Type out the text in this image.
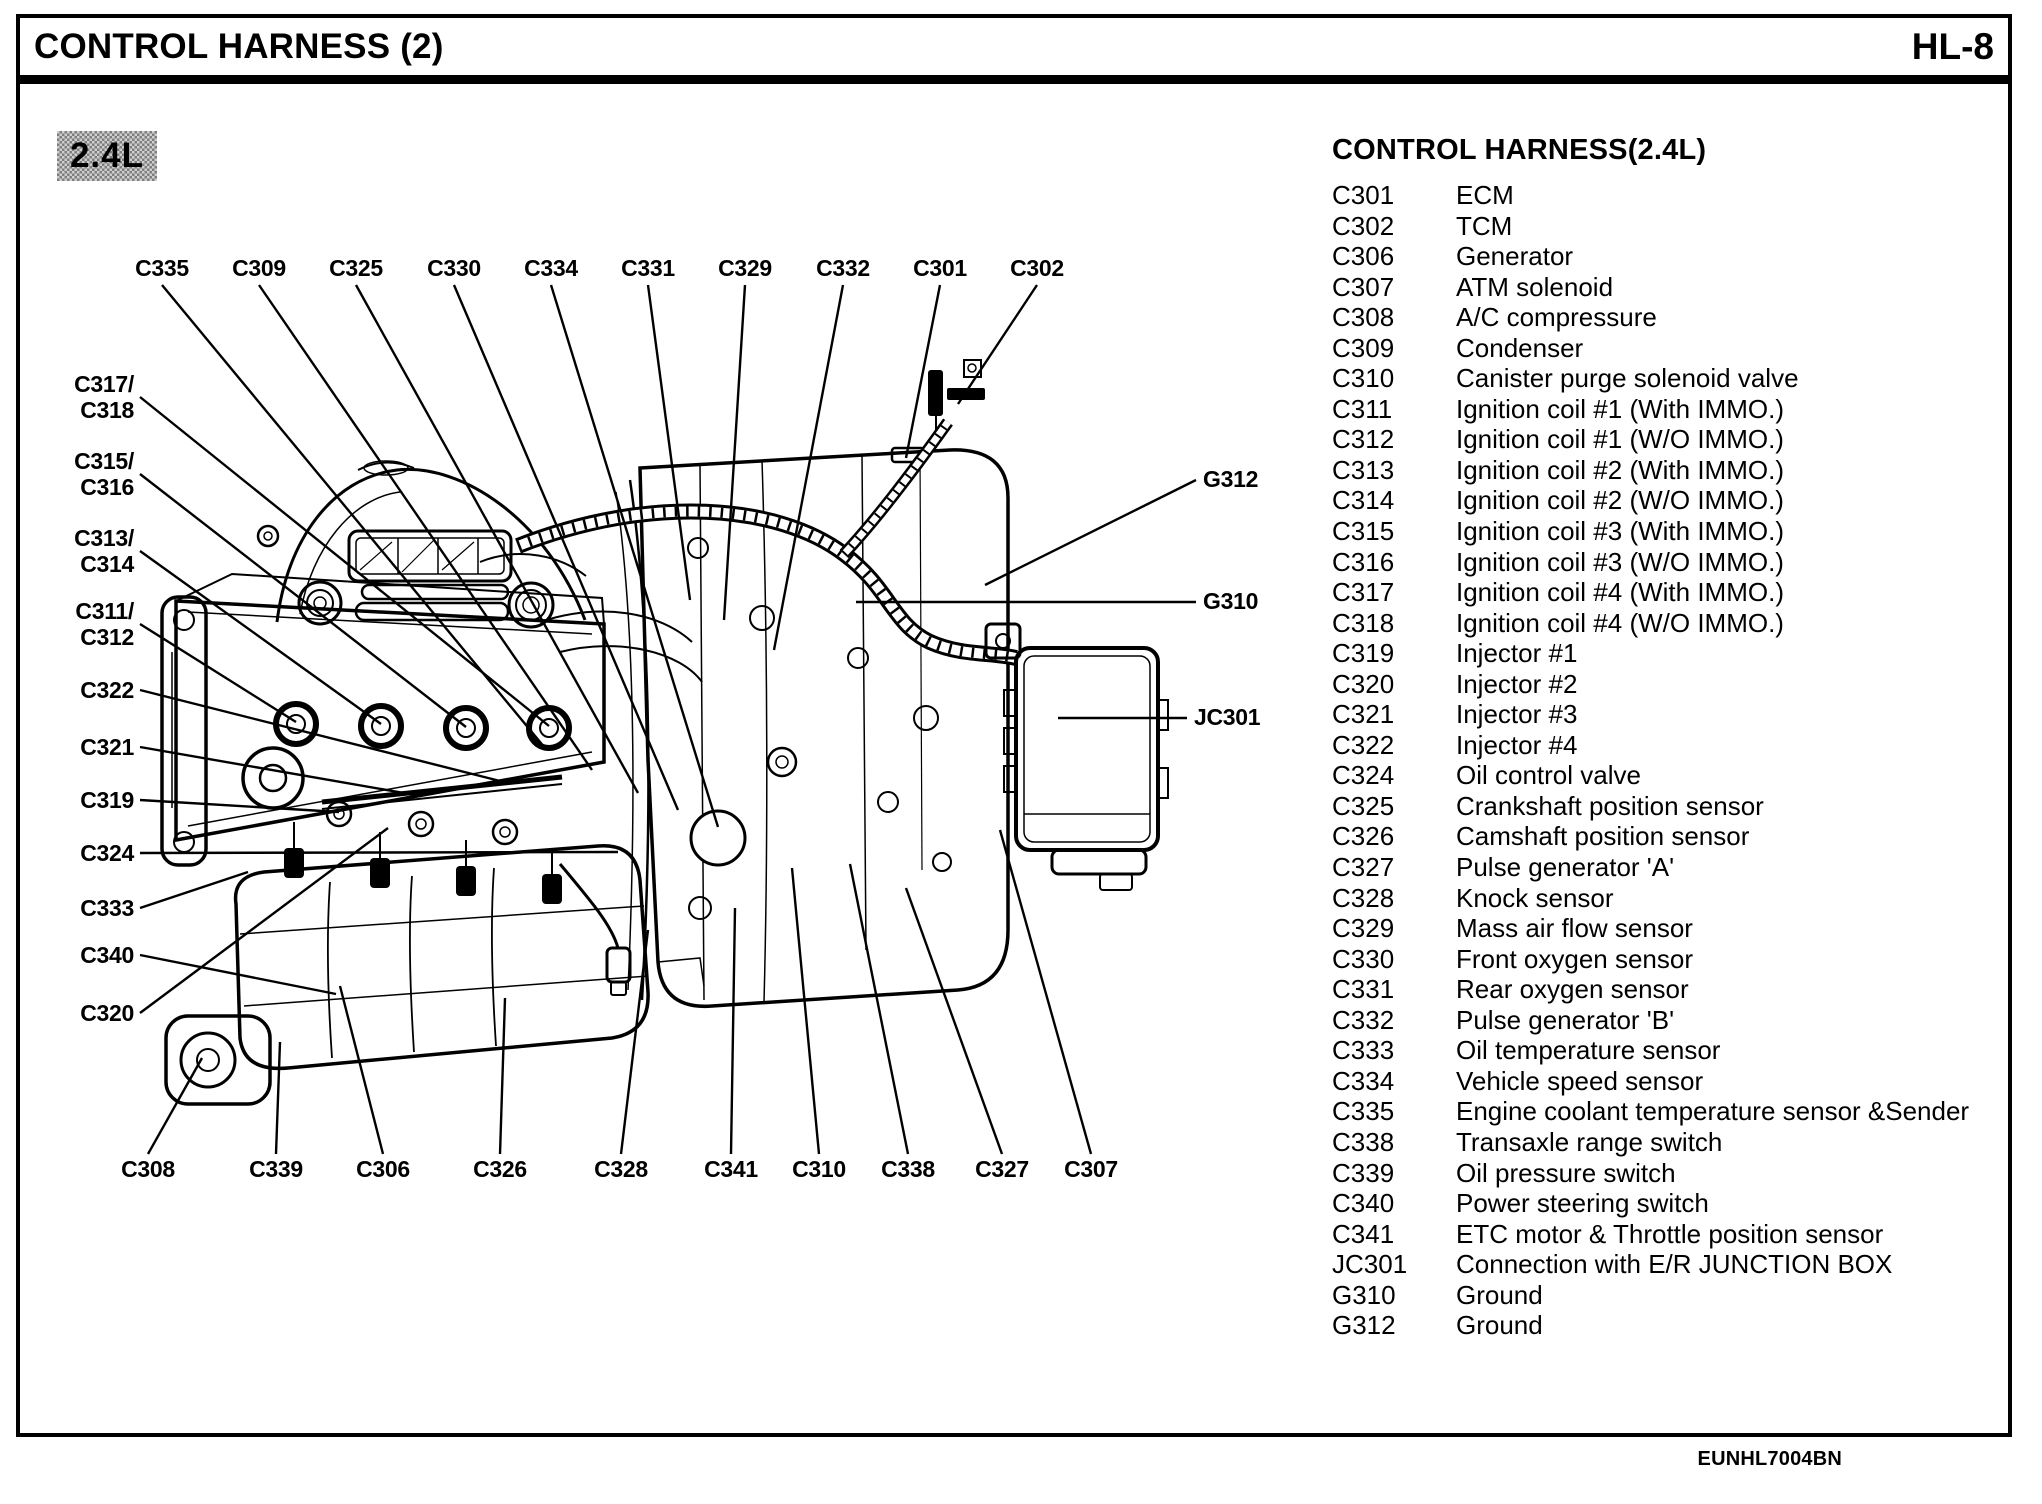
CONTROL HARNESS (2)	HL-8
2.4L
C335 C309 C325 C330 C334 C331 C329 C332 C301 C302
C317/
C318
C315/
C316
C313/
C314
C311/
C312
C322
C321
C319
C324
C333
C340
C320
C308	C339 C306	C326	C328 C341 C310 C338 C327 C307
G312
G310
JC301
CONTROL HARNESS(2.4L)
C301	ECM
C302	TCM
C306	Generator
C307	ATM solenoid
C308	A/C compressure
C309	Condenser
C310	Canister purge solenoid valve
C311	Ignition coil #1 (With IMMO.)
C312	Ignition coil #1 (W/O IMMO.)
C313	Ignition coil #2 (With IMMO.)
C314	Ignition coil #2 (W/O IMMO.)
C315	Ignition coil #3 (With IMMO.)
C316	Ignition coil #3 (W/O IMMO.)
C317	Ignition coil #4 (With IMMO.)
C318	Ignition coil #4 (W/O IMMO.)
C319	Injector #1
C320	Injector #2
C321	Injector #3
C322	Injector #4
C324	Oil control valve
C325	Crankshaft position sensor
C326	Camshaft position sensor
C327	Pulse generator 'A'
C328	Knock sensor
C329	Mass air flow sensor
C330	Front oxygen sensor
C331	Rear oxygen sensor
C332	Pulse generator 'B'
C333	Oil temperature sensor
C334	Vehicle speed sensor
C335	Engine coolant temperature sensor &Sender
C338	Transaxle range switch
C339	Oil pressure switch
C340	Power steering switch
C341	ETC motor & Throttle position sensor
JC301	Connection with E/R JUNCTION BOX
G310	Ground
G312	Ground
EUNHL7004BN
